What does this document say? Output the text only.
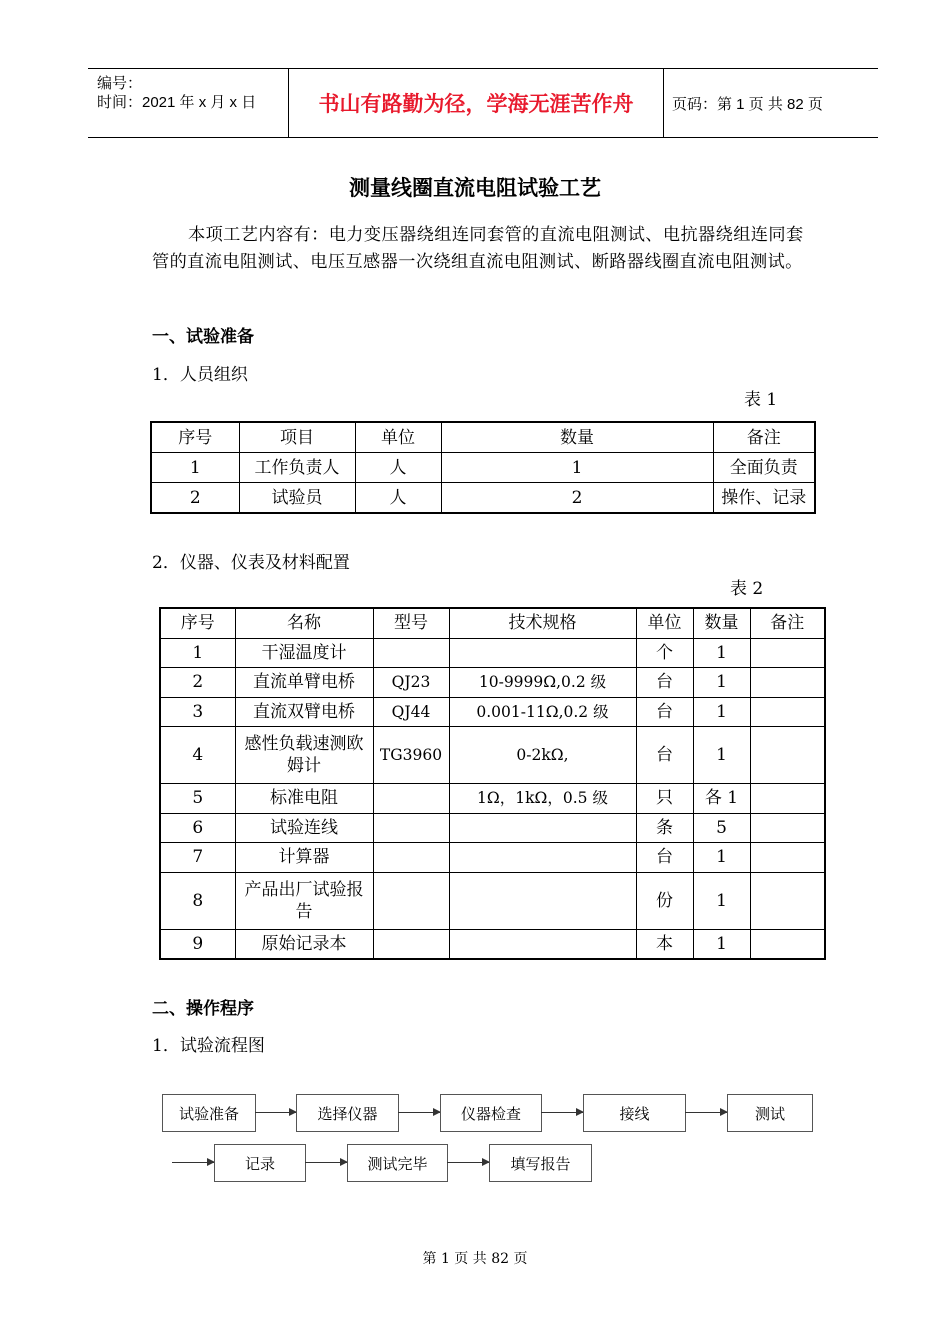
编号：
时间：2021 年 x 月 x 日	书山有路勤为径，学海无涯苦作舟	页码：第 1 页 共 82 页
测量线圈直流电阻试验工艺
本项工艺内容有：电力变压器绕组连同套管的直流电阻测试、电抗器绕组连同套管的直流电阻测试、电压互感器一次绕组直流电阻测试、断路器线圈直流电阻测试。
一、试验准备
1．人员组织
表 1
序号	项目	单位	数量	备注
1	工作负责人	人	1	全面负责
2	试验员	人	2	操作、记录
2．仪器、仪表及材料配置
表 2
序号	名称	型号	技术规格	单位	数量	备注
1	干湿温度计			个	1	
2	直流单臂电桥	QJ23	10-9999Ω,0.2 级	台	1	
3	直流双臂电桥	QJ44	0.001-11Ω,0.2 级	台	1	
4	感性负载速测欧姆计	TG3960	0-2kΩ,	台	1	
5	标准电阻		1Ω，1kΩ，0.5 级	只	各 1	
6	试验连线			条	5	
7	计算器			台	1	
8	产品出厂试验报告			份	1	
9	原始记录本			本	1	
二、操作程序
1．试验流程图
试验准备	选择仪器	仪器检查	接线	测试
记录	测试完毕	填写报告
第 1 页 共 82 页
